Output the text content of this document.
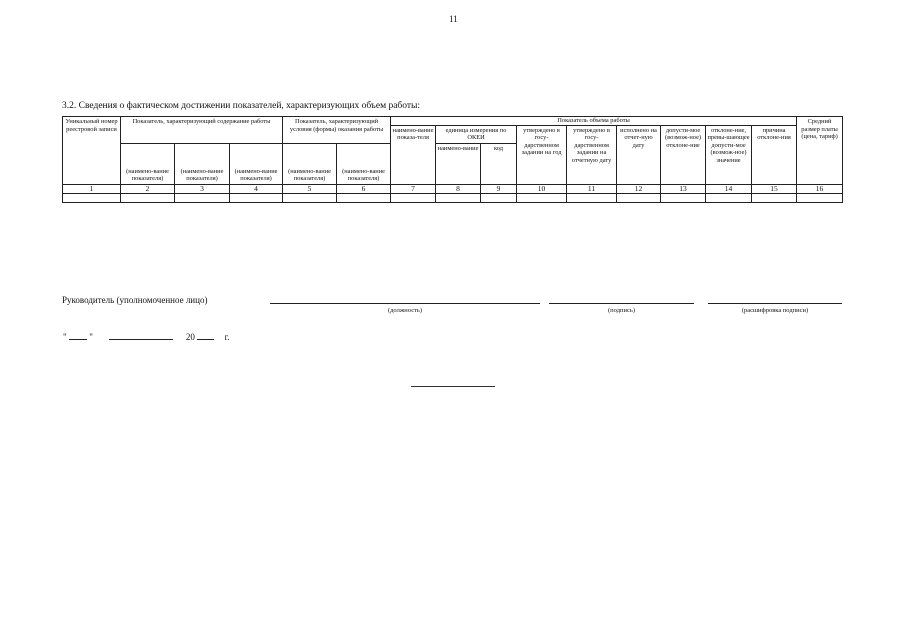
11
3.2. Сведения о фактическом достижении показателей, характеризующих объем работы:
Уникальный номер реестровой записи	Показатель, характеризующий содержание работы			Показатель, характеризующий условия (формы) оказания работы		Показатель объема работы									Средний размер платы (цена, тариф)
						наимено-вание показа-теля	единица измерения по ОКЕИ		утверждено в госу-дарственном задании на год	утверждено в госу-дарственном задании на отчетную дату	исполнено на отчет-ную дату	допусти-мое (возмож-ное) отклоне-ние	отклоне-ние, превы-шающее допусти-мое (возмож-ное) значение	причина отклоне-ния	
	(наимено-вание показателя)	(наимено-вание показателя)	(наимено-вание показателя)	(наимено-вание показателя)	(наимено-вание показателя)		наимено-вание	код							
1	2	3	4	5	6	7	8	9	10	11	12	13	14	15	16

Руководитель (уполномоченное лицо)
(должность)	(подпись)	(расшифровка подписи)
"	"	20	г.
